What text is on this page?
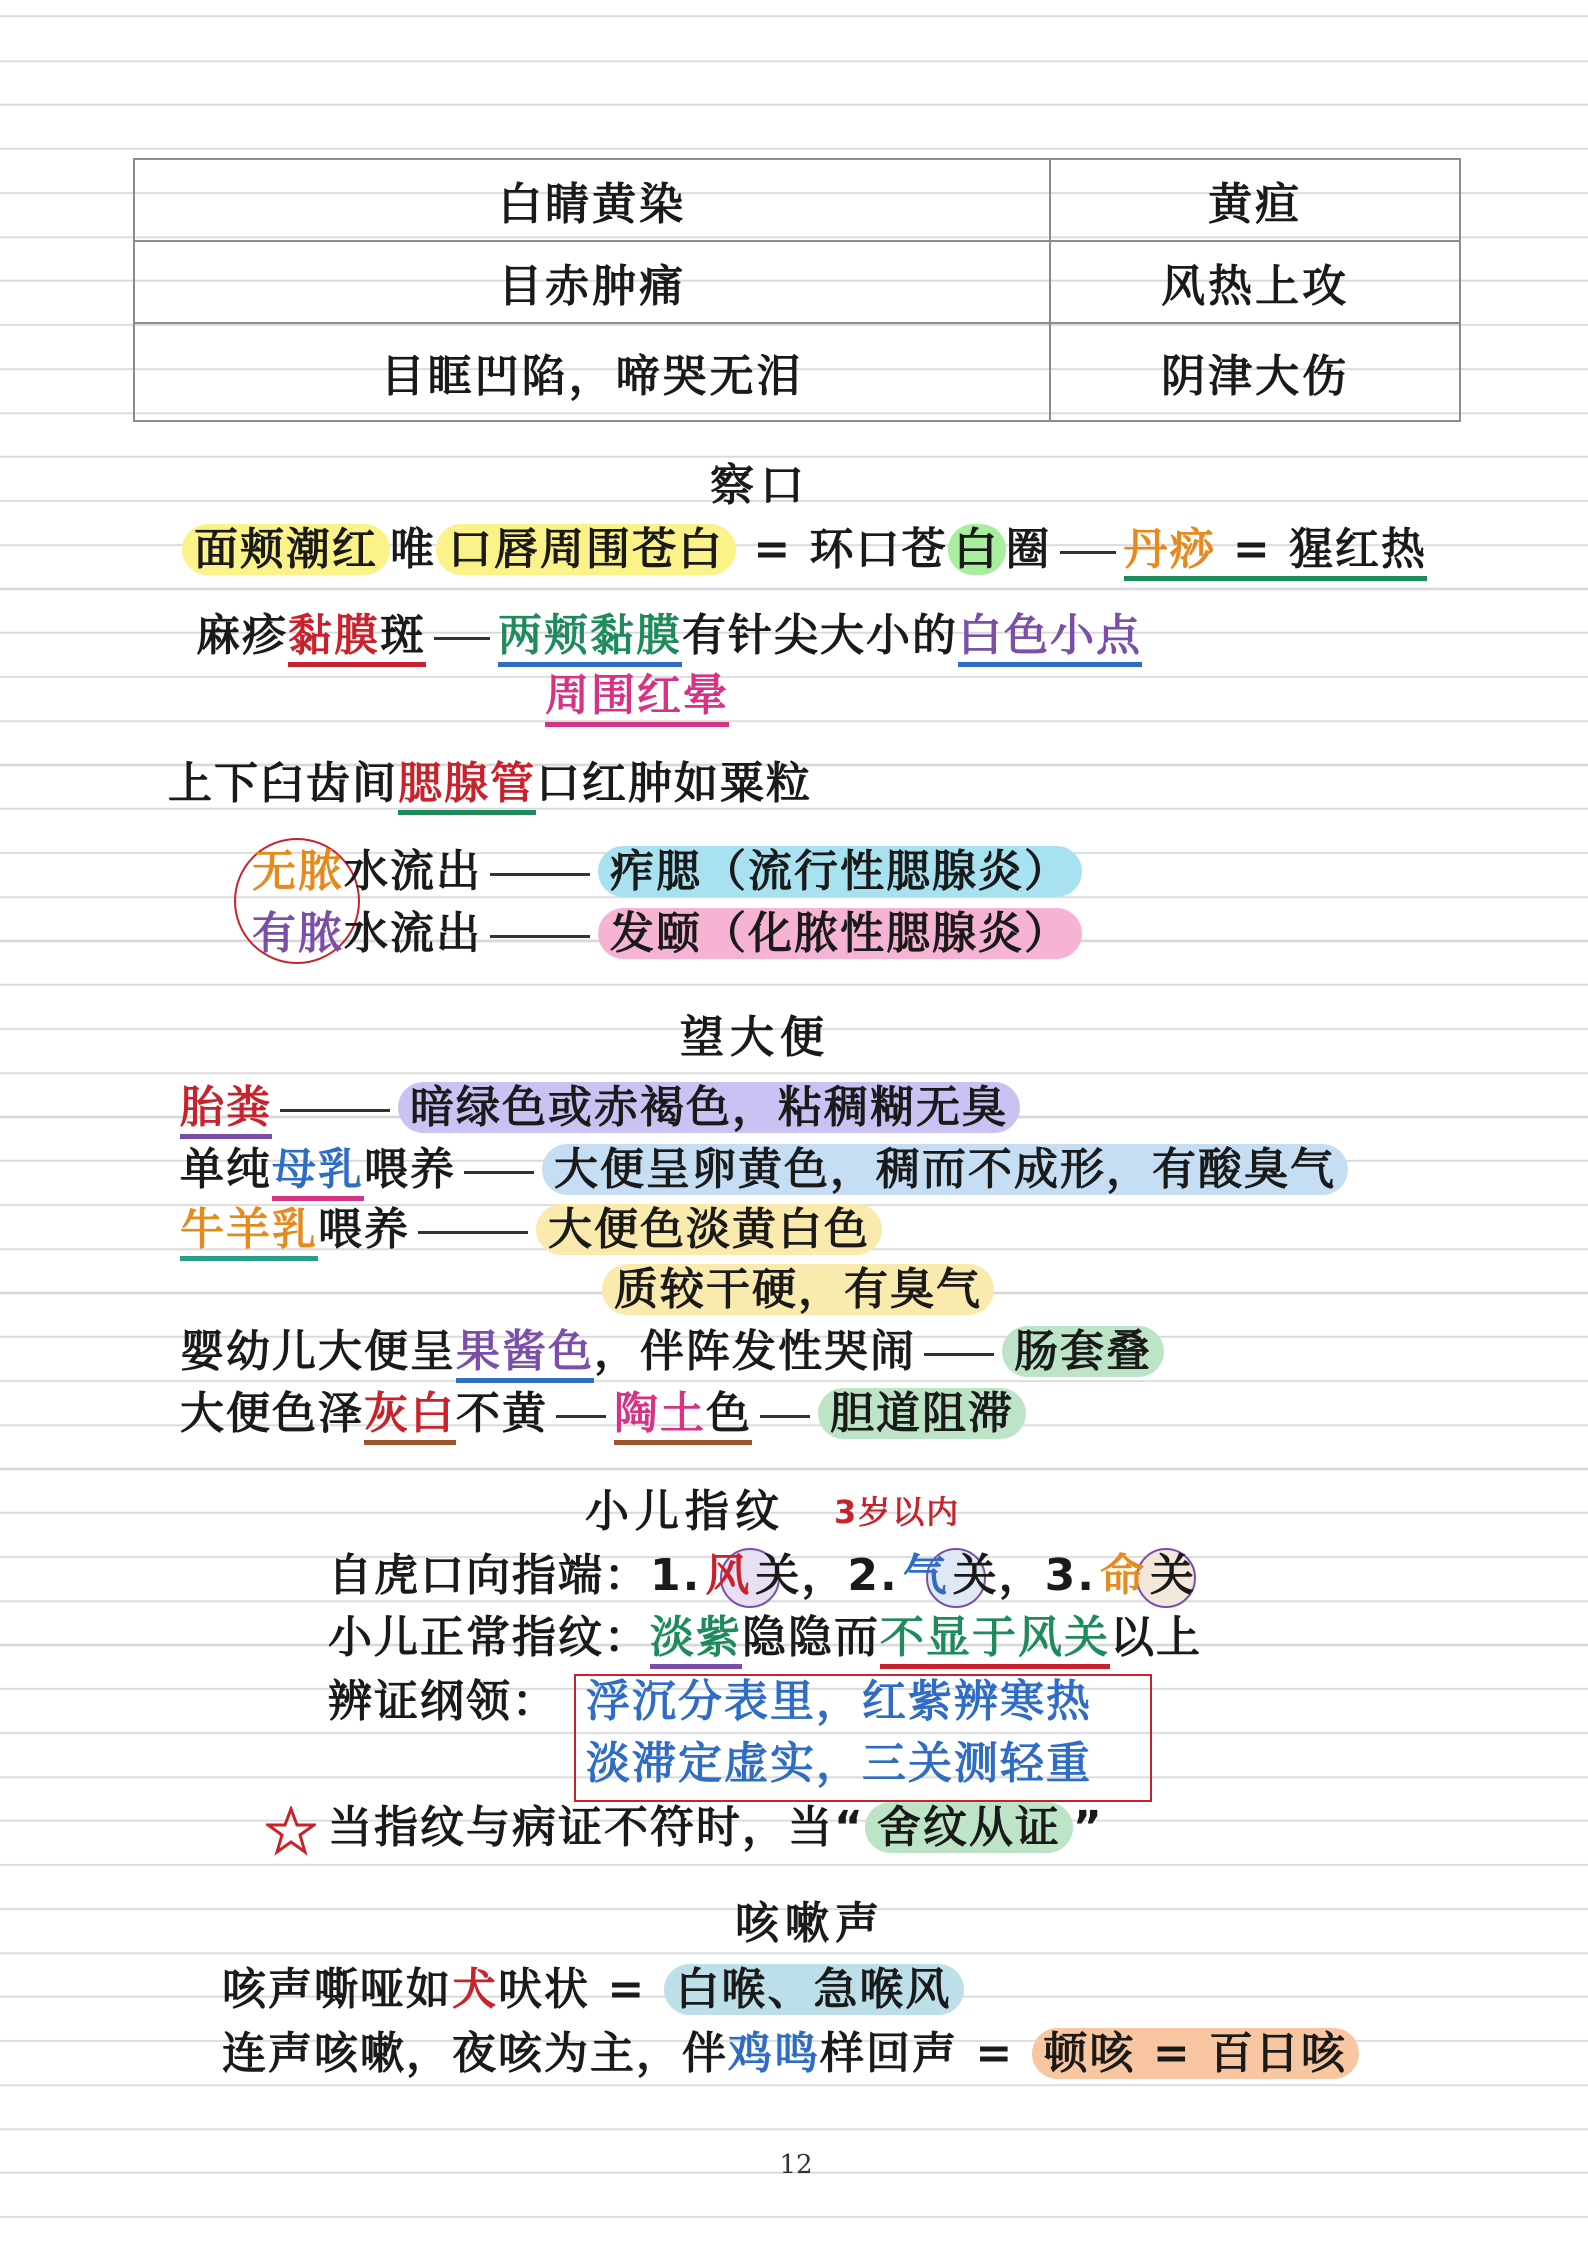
白睛黄染	黄疸
目赤肿痛	风热上攻
目眶凹陷，啼哭无泪	阴津大伤
察口
面颊潮红 唯 口唇周围苍白 = 环口苍 白 圈 丹痧 = 猩红热
麻疹黏膜斑 两颊黏膜有针尖大小的白色小点
周围红晕
上下臼齿间腮腺管口红肿如粟粒
无脓水流出	痄腮（流行性腮腺炎）
有脓水流出	发颐（化脓性腮腺炎）
望大便
胎粪	暗绿色或赤褐色，粘稠糊无臭
单纯母乳喂养 大便呈卵黄色，稠而不成形，有酸臭气
牛羊乳喂养	大便色淡黄白色
质较干硬，有臭气
婴幼儿大便呈果酱色，伴阵发性哭闹 肠套叠
大便色泽灰白不黄 陶土色 胆道阻滞
小儿指纹 3岁以内
自虎口向指端：1.风关，2.气关，3.命关
小儿正常指纹：淡紫隐隐而不显于风关以上
辨证纲领： 浮沉分表里，红紫辨寒热
淡滞定虚实，三关测轻重
当指纹与病证不符时，当“ 舍纹从证 ”
咳嗽声
咳声嘶哑如犬吠状 = 白喉、急喉风
连声咳嗽，夜咳为主，伴鸡鸣样回声 = 顿咳 = 百日咳
12
